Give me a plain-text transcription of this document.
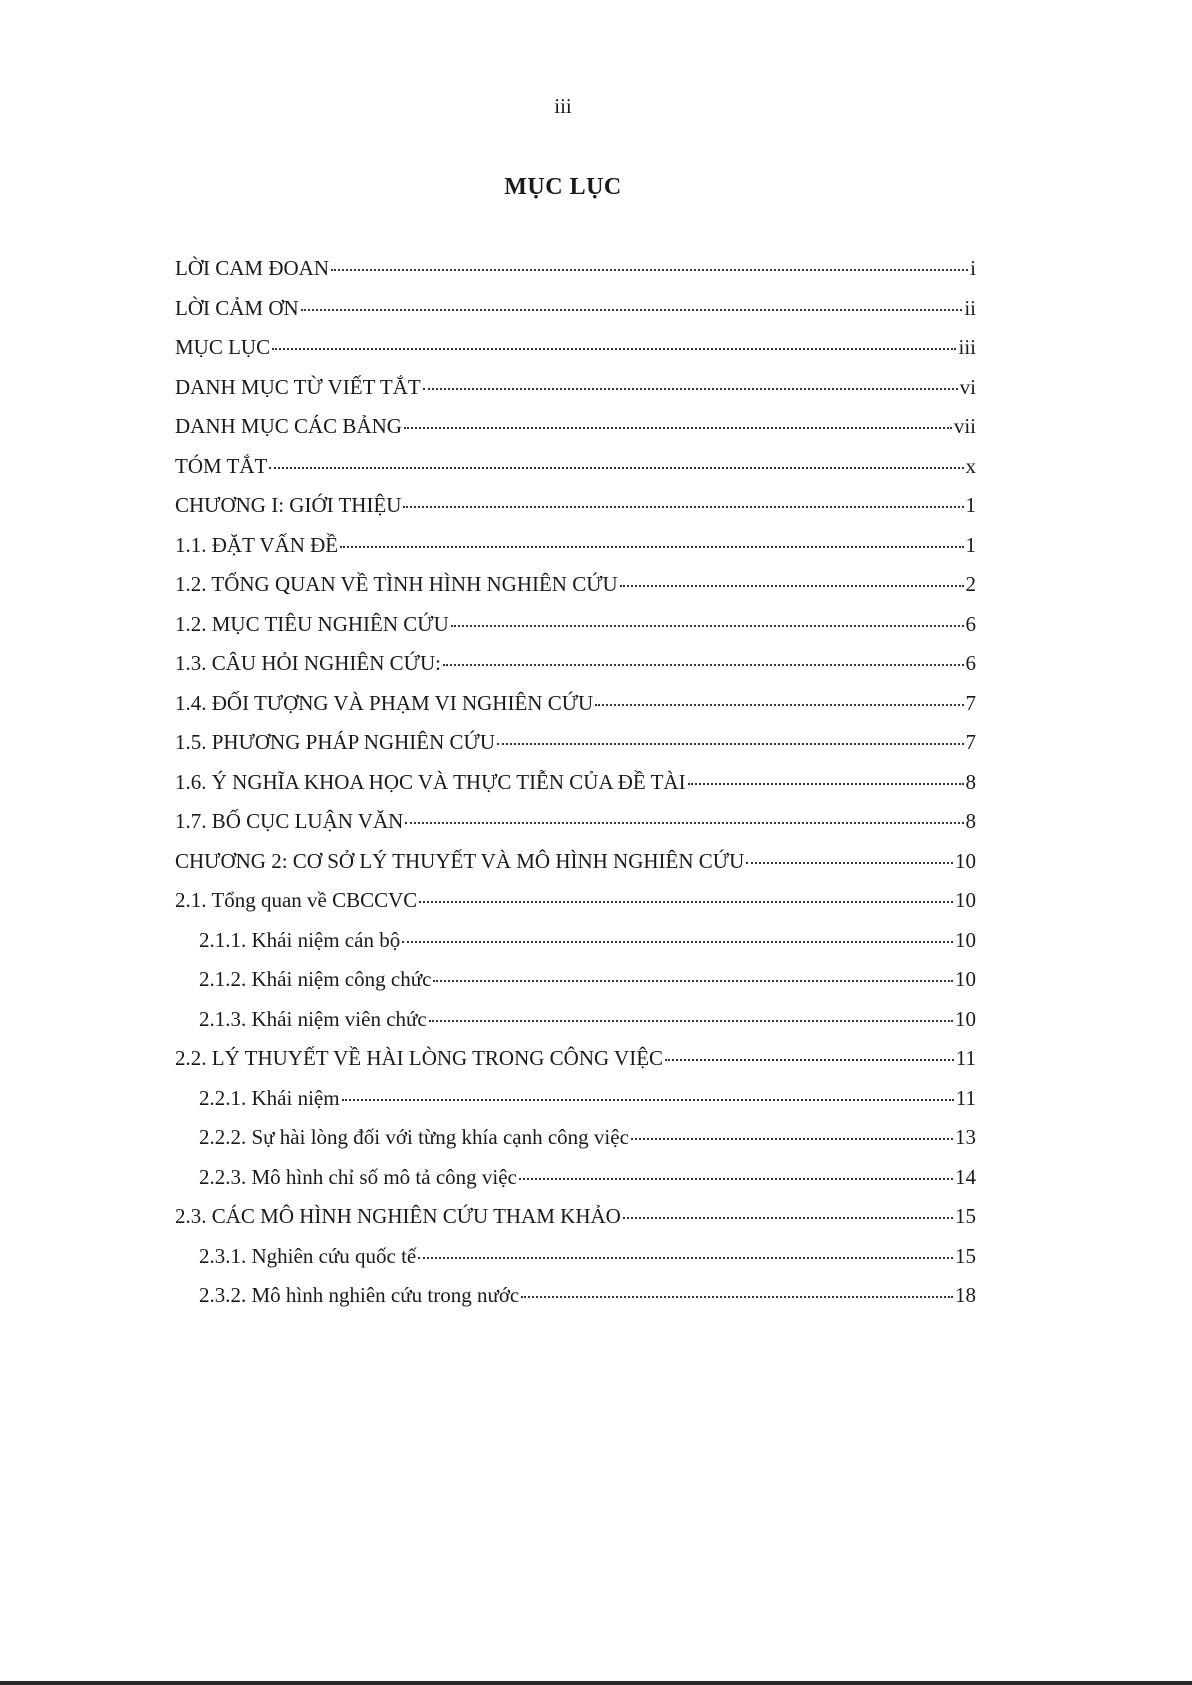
iii
MỤC LỤC
LỜI CAM ĐOAN	i
LỜI CẢM ƠN	ii
MỤC LỤC	iii
DANH MỤC TỪ VIẾT TẮT	vi
DANH MỤC CÁC BẢNG	vii
TÓM TẮT	x
CHƯƠNG I: GIỚI THIỆU	1
1.1. ĐẶT VẤN ĐỀ	1
1.2. TỔNG QUAN VỀ TÌNH HÌNH NGHIÊN CỨU	2
1.2. MỤC TIÊU NGHIÊN CỨU	6
1.3. CÂU HỎI NGHIÊN CỨU:	6
1.4. ĐỐI TƯỢNG VÀ PHẠM VI NGHIÊN CỨU	7
1.5. PHƯƠNG PHÁP NGHIÊN CỨU	7
1.6. Ý NGHĨA KHOA HỌC VÀ THỰC TIỄN CỦA ĐỀ TÀI	8
1.7. BỐ CỤC LUẬN VĂN	8
CHƯƠNG 2: CƠ SỞ LÝ THUYẾT VÀ MÔ HÌNH NGHIÊN CỨU	10
2.1. Tổng quan về CBCCVC	10
2.1.1. Khái niệm cán bộ	10
2.1.2. Khái niệm công chức	10
2.1.3. Khái niệm viên chức	10
2.2. LÝ THUYẾT VỀ HÀI LÒNG TRONG CÔNG VIỆC	11
2.2.1. Khái niệm	11
2.2.2. Sự hài lòng đối với từng khía cạnh công việc	13
2.2.3. Mô hình chỉ số mô tả công việc	14
2.3. CÁC MÔ HÌNH NGHIÊN CỨU THAM KHẢO	15
2.3.1. Nghiên cứu quốc tế	15
2.3.2. Mô hình nghiên cứu trong nước	18
